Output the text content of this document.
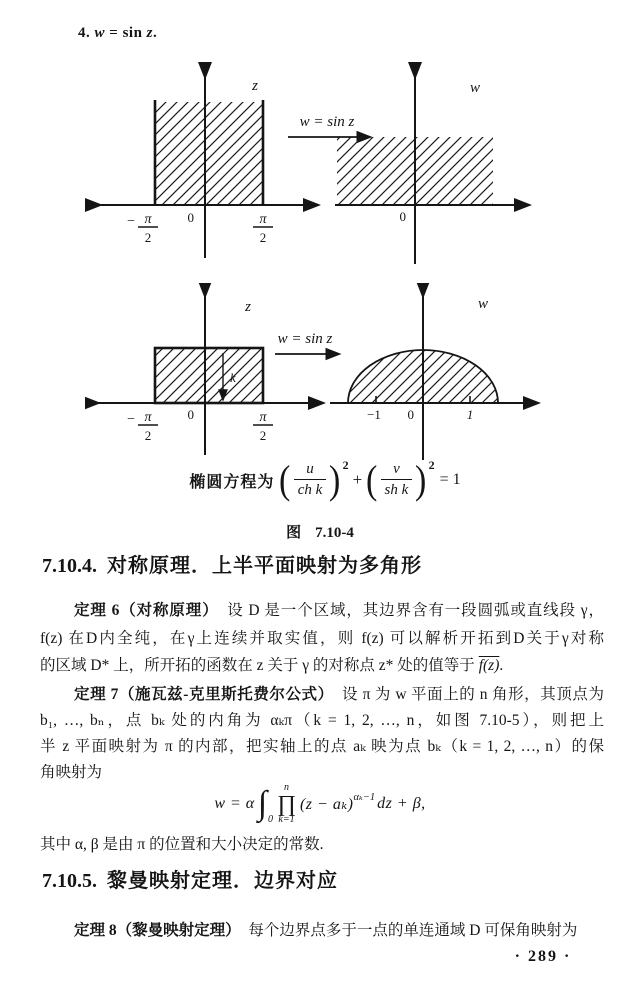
4. w = sin z.
z
0
− π
2
π
2
w = sin z
w
0
k
z
0
− π
2
π
2
w = sin z
−1 0	1
w
椭圆方程为 ( $\frac{u}{\text{ch k}}$ ) 2
+ ( $\frac{v}{\text{sh k}}$ ) 2
= 1
图 7.10-4
7.10.4. 对称原理．上半平面映射为多角形
定理 6（对称原理）　设 D 是一个区域，其边界含有一段圆弧或直线段 γ，
f(z) 在D内全纯，在γ上连续并取实值，则 f(z) 可以解析开拓到D关于γ对称
的区域 D* 上，所开拓的函数在 z 关于 γ 的对称点 z* 处的值等于 f(z).
定理 7（施瓦兹-克里斯托费尔公式）　设 π 为 w 平面上的 n 角形，其顶点为
b₁, …, bₙ，点 bₖ 处的内角为 αₖπ（k = 1, 2, …, n，如图 7.10-5），则把上
半 z 平面映射为 π 的内部，把实轴上的点 aₖ 映为点 bₖ（k = 1, 2, …, n）的保
角映射为
w = α ∫ 0
n
∏
k=1
(z − aₖ) αₖ−1 dz + β,
其中 α, β 是由 π 的位置和大小决定的常数.
7.10.5. 黎曼映射定理．边界对应
定理 8（黎曼映射定理）　每个边界点多于一点的单连通域 D 可保角映射为
· 289 ·
